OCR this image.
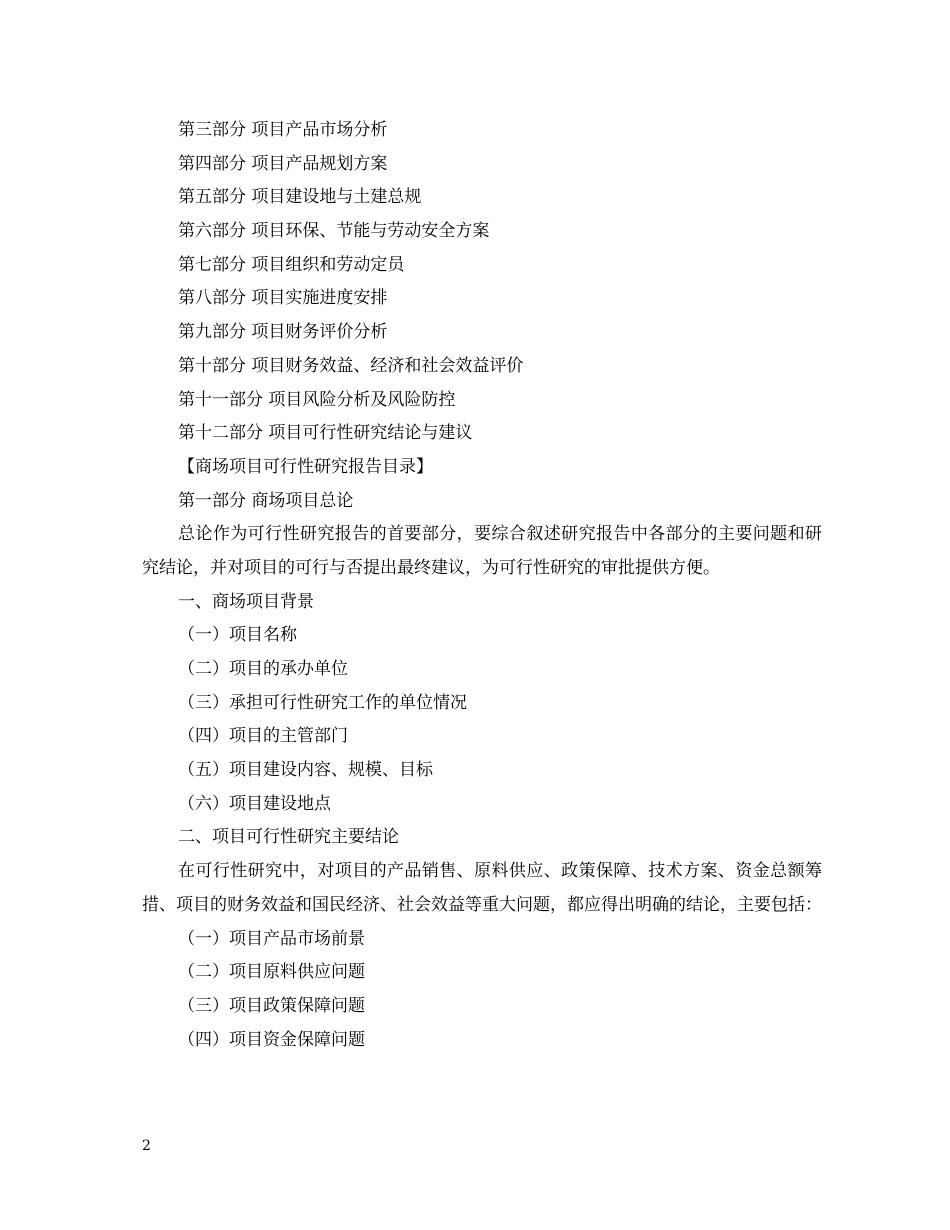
第三部分 项目产品市场分析
第四部分 项目产品规划方案
第五部分 项目建设地与土建总规
第六部分 项目环保、节能与劳动安全方案
第七部分 项目组织和劳动定员
第八部分 项目实施进度安排
第九部分 项目财务评价分析
第十部分 项目财务效益、经济和社会效益评价
第十一部分 项目风险分析及风险防控
第十二部分 项目可行性研究结论与建议
【商场项目可行性研究报告目录】
第一部分 商场项目总论

总论作为可行性研究报告的首要部分，要综合叙述研究报告中各部分的主要问题和研究结论，并对项目的可行与否提出最终建议，为可行性研究的审批提供方便。

一、商场项目背景
（一）项目名称
（二）项目的承办单位
（三）承担可行性研究工作的单位情况
（四）项目的主管部门
（五）项目建设内容、规模、目标
（六）项目建设地点
二、项目可行性研究主要结论

在可行性研究中，对项目的产品销售、原料供应、政策保障、技术方案、资金总额筹措、项目的财务效益和国民经济、社会效益等重大问题，都应得出明确的结论，主要包括：

（一）项目产品市场前景
（二）项目原料供应问题
（三）项目政策保障问题
（四）项目资金保障问题
2
